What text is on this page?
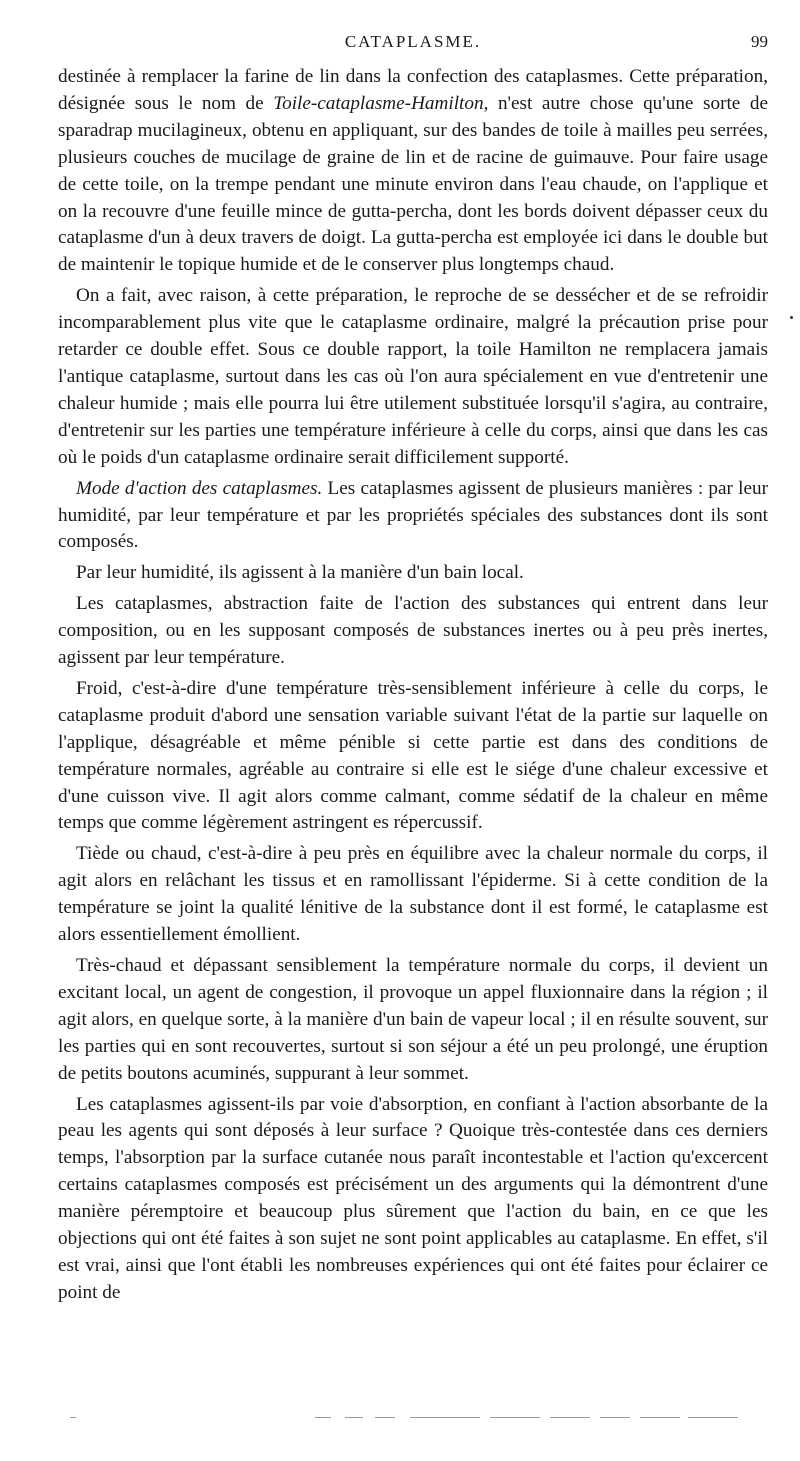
CATAPLASME.	99

destinée à remplacer la farine de lin dans la confection des cataplasmes. Cette préparation, désignée sous le nom de Toile-cataplasme-Hamilton, n'est autre chose qu'une sorte de sparadrap mucilagineux, obtenu en appliquant, sur des bandes de toile à mailles peu serrées, plusieurs couches de mucilage de graine de lin et de racine de guimauve. Pour faire usage de cette toile, on la trempe pendant une minute environ dans l'eau chaude, on l'applique et on la recouvre d'une feuille mince de gutta-percha, dont les bords doivent dépasser ceux du cataplasme d'un à deux travers de doigt. La gutta-percha est employée ici dans le double but de maintenir le topique humide et de le conserver plus longtemps chaud.

On a fait, avec raison, à cette préparation, le reproche de se dessécher et de se refroidir incomparablement plus vite que le cataplasme ordinaire, malgré la précaution prise pour retarder ce double effet. Sous ce double rapport, la toile Hamilton ne remplacera jamais l'antique cataplasme, surtout dans les cas où l'on aura spécialement en vue d'entretenir une chaleur humide ; mais elle pourra lui être utilement substituée lorsqu'il s'agira, au contraire, d'entretenir sur les parties une température inférieure à celle du corps, ainsi que dans les cas où le poids d'un cataplasme ordinaire serait difficilement supporté.

Mode d'action des cataplasmes. Les cataplasmes agissent de plusieurs manières : par leur humidité, par leur température et par les propriétés spéciales des substances dont ils sont composés.

Par leur humidité, ils agissent à la manière d'un bain local.

Les cataplasmes, abstraction faite de l'action des substances qui entrent dans leur composition, ou en les supposant composés de substances inertes ou à peu près inertes, agissent par leur température.

Froid, c'est-à-dire d'une température très-sensiblement inférieure à celle du corps, le cataplasme produit d'abord une sensation variable suivant l'état de la partie sur laquelle on l'applique, désagréable et même pénible si cette partie est dans des conditions de température normales, agréable au contraire si elle est le siége d'une chaleur excessive et d'une cuisson vive. Il agit alors comme calmant, comme sédatif de la chaleur en même temps que comme légèrement astringent es répercussif.

Tiède ou chaud, c'est-à-dire à peu près en équilibre avec la chaleur normale du corps, il agit alors en relâchant les tissus et en ramollissant l'épiderme. Si à cette condition de la température se joint la qualité lénitive de la substance dont il est formé, le cataplasme est alors essentiellement émollient.

Très-chaud et dépassant sensiblement la température normale du corps, il devient un excitant local, un agent de congestion, il provoque un appel fluxionnaire dans la région ; il agit alors, en quelque sorte, à la manière d'un bain de vapeur local ; il en résulte souvent, sur les parties qui en sont recouvertes, surtout si son séjour a été un peu prolongé, une éruption de petits boutons acuminés, suppurant à leur sommet.

Les cataplasmes agissent-ils par voie d'absorption, en confiant à l'action absorbante de la peau les agents qui sont déposés à leur surface ? Quoique très-contestée dans ces derniers temps, l'absorption par la surface cutanée nous paraît incontestable et l'action qu'excercent certains cataplasmes composés est précisément un des arguments qui la démontrent d'une manière péremptoire et beaucoup plus sûrement que l'action du bain, en ce que les objections qui ont été faites à son sujet ne sont point applicables au cataplasme. En effet, s'il est vrai, ainsi que l'ont établi les nombreuses expériences qui ont été faites pour éclairer ce point de
